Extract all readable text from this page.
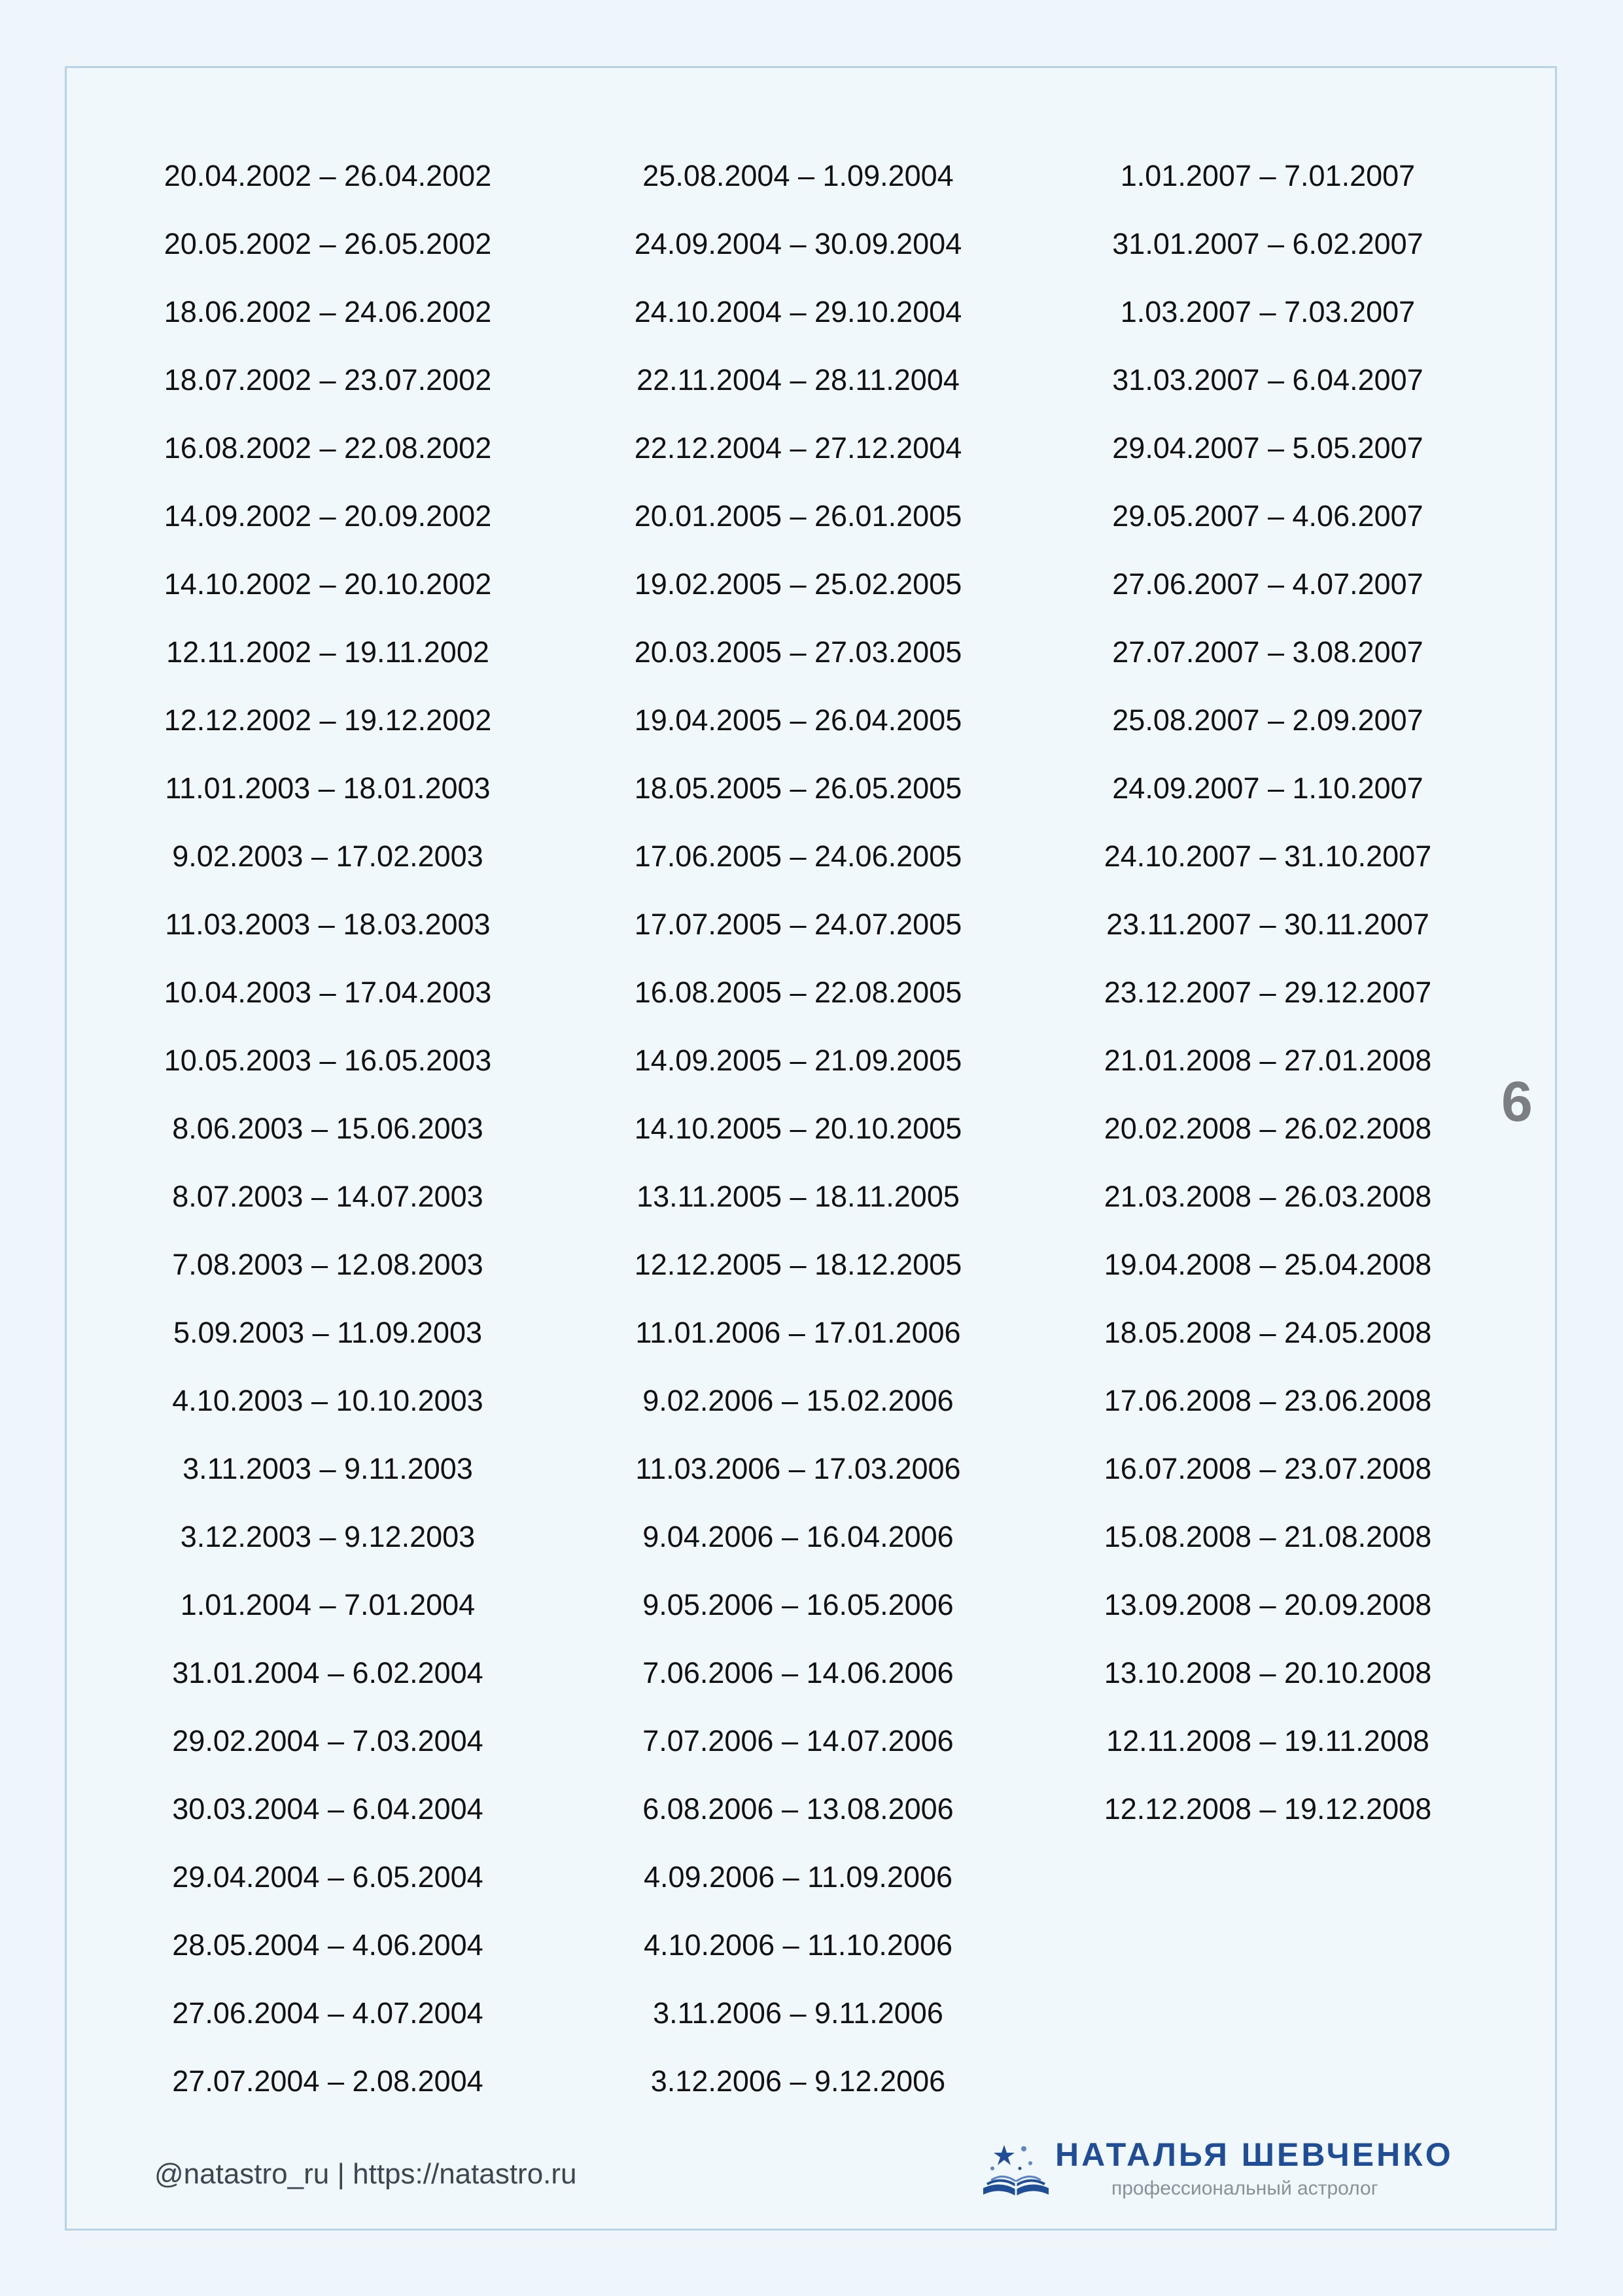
20.04.2002 – 26.04.2002
20.05.2002 – 26.05.2002
18.06.2002 – 24.06.2002
18.07.2002 – 23.07.2002
16.08.2002 – 22.08.2002
14.09.2002 – 20.09.2002
14.10.2002 – 20.10.2002
12.11.2002 – 19.11.2002
12.12.2002 – 19.12.2002
11.01.2003 – 18.01.2003
9.02.2003 – 17.02.2003
11.03.2003 – 18.03.2003
10.04.2003 – 17.04.2003
10.05.2003 – 16.05.2003
8.06.2003 – 15.06.2003
8.07.2003 – 14.07.2003
7.08.2003 – 12.08.2003
5.09.2003 – 11.09.2003
4.10.2003 – 10.10.2003
3.11.2003 – 9.11.2003
3.12.2003 – 9.12.2003
1.01.2004 – 7.01.2004
31.01.2004 – 6.02.2004
29.02.2004 – 7.03.2004
30.03.2004 – 6.04.2004
29.04.2004 – 6.05.2004
28.05.2004 – 4.06.2004
27.06.2004 – 4.07.2004
27.07.2004 – 2.08.2004
25.08.2004 – 1.09.2004
24.09.2004 – 30.09.2004
24.10.2004 – 29.10.2004
22.11.2004 – 28.11.2004
22.12.2004 – 27.12.2004
20.01.2005 – 26.01.2005
19.02.2005 – 25.02.2005
20.03.2005 – 27.03.2005
19.04.2005 – 26.04.2005
18.05.2005 – 26.05.2005
17.06.2005 – 24.06.2005
17.07.2005 – 24.07.2005
16.08.2005 – 22.08.2005
14.09.2005 – 21.09.2005
14.10.2005 – 20.10.2005
13.11.2005 – 18.11.2005
12.12.2005 – 18.12.2005
11.01.2006 – 17.01.2006
9.02.2006 – 15.02.2006
11.03.2006 – 17.03.2006
9.04.2006 – 16.04.2006
9.05.2006 – 16.05.2006
7.06.2006 – 14.06.2006
7.07.2006 – 14.07.2006
6.08.2006 – 13.08.2006
4.09.2006 – 11.09.2006
4.10.2006 – 11.10.2006
3.11.2006 – 9.11.2006
3.12.2006 – 9.12.2006
1.01.2007 – 7.01.2007
31.01.2007 – 6.02.2007
1.03.2007 – 7.03.2007
31.03.2007 – 6.04.2007
29.04.2007 – 5.05.2007
29.05.2007 – 4.06.2007
27.06.2007 – 4.07.2007
27.07.2007 – 3.08.2007
25.08.2007 – 2.09.2007
24.09.2007 – 1.10.2007
24.10.2007 – 31.10.2007
23.11.2007 – 30.11.2007
23.12.2007 – 29.12.2007
21.01.2008 – 27.01.2008
20.02.2008 – 26.02.2008
21.03.2008 – 26.03.2008
19.04.2008 – 25.04.2008
18.05.2008 – 24.05.2008
17.06.2008 – 23.06.2008
16.07.2008 – 23.07.2008
15.08.2008 – 21.08.2008
13.09.2008 – 20.09.2008
13.10.2008 – 20.10.2008
12.11.2008 – 19.11.2008
12.12.2008 – 19.12.2008
6
@natastro_ru | https://natastro.ru
НАТАЛЬЯ ШЕВЧЕНКО
профессиональный астролог
